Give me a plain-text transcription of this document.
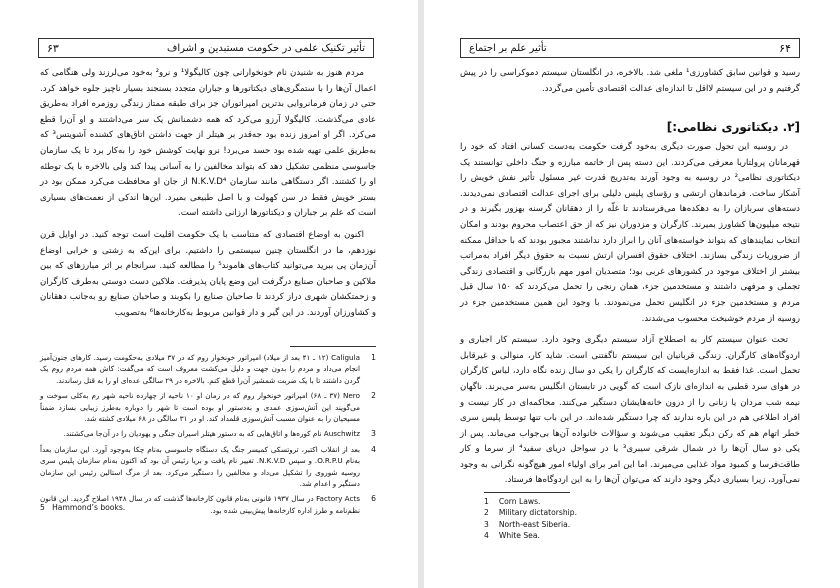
تأثیر تکنیک علمی در حکومت مستبدین و اشراف
۶۳

مردم هنوز به شنیدن نام خونخوارانی چون کالیگولا¹ و نرو² به‌خود می‌لرزند ولی هنگامی که اعمال آن‌ها را با ستمگری‌های دیکتاتورها و جباران متجدد بسنجند بسیار ناچیز جلوه خواهد کرد. حتی در زمان فرمانروایی بدترین امپراتوران جز برای طبقه ممتاز زندگی روزمره افراد به‌طریق عادی می‌گذشت. کالیگولا آرزو می‌کرد که همه دشمنانش یک سر می‌داشتند و او آن‌را قطع می‌کرد. اگر او امروز زنده بود جه‌قدر بر هیتلر از جهت داشتن اتاق‌های کشنده آشویتس³ که به‌طریق علمی تهیه شده بود حسد می‌برد! نرو نهایت کوشش خود را به‌کار برد تا یک سازمان جاسوسی منظمی تشکیل دهد که بتواند مخالفین را به آسانی پیدا کند ولی بالاخره با یک توطئه او را کشتند. اگر دستگاهی مانند سازمان N.K.V.D⁴ از جان او محافظت می‌کرد ممکن بود در بستر خویش فقط در سن کهولت و با اصل طبیعی بمیرد. این‌ها اندکی از نعمت‌های بسیاری است که علم بر جباران و دیکتاتورها ارزانی داشته است.

اکنون به اوضاع اقتصادی که متناسب با یک حکومت اقلیت است توجه کنید. در اوایل قرن نوزدهم، ما در انگلستان چنین سیستمی را داشتیم. برای این‌که به زشتی و خرابی اوضاع آن‌زمان پی ببرید می‌توانید کتاب‌های هاموند⁵ را مطالعه کنید. سرانجام بر اثر مبارزهای که بین ملاکین و صاحبان صنایع درگرفت این وضع پایان پذیرفت. ملاکین دست دوستی به‌طرف کارگران و زحمتکشان شهری دراز کردند تا صاحبان صنایع را بکوبند و صاحبان صنایع رو به‌جانب دهقانان و کشاورزان آوردند. در این گیر و دار قوانین مربوط به‌کارخانه‌ها⁶ به‌تصویب

1
Caligula (۱۲ ـ ۴۱ بعد از میلاد) امپراتور خونخوار روم که در ۳۷ میلادی به‌حکومت رسید. کارهای جنون‌آمیز انجام می‌داد و مردم را بدون جهت و دلیل می‌کشت معروف است که می‌گفت: کاش همه مردم روم یک گردن داشتند تا با یک ضربت شمشیر آن‌را قطع کنم. بالاخره در ۲۹ سالگی عده‌ای او را به قتل رساندند.
2
Nero (۳۷ ـ ۶۸) امپراتور خونخوار روم که در زمان او ۱۰ ناحیه از چهارده ناحیه شهر رم به‌کلی سوخت و می‌گویند این آتش‌سوزی عمدی و به‌دستور او بوده است تا شهر را دوباره به‌طرز زیبایی بسازد ضمناً مسیحیان را به عنوان مسبب آتش‌سوزی قلمداد کند. او در ۳۱ سالگی در ۶۸ میلادی کشته شد.
3
Auschwitz نام کوره‌ها و اتاق‌هایی که به دستور هیتلر اسیران جنگی و یهودیان را در آن‌جا می‌کشتند.
4
بعد از انقلاب اکتبر، تروتسکی کمیسر جنگ یک دستگاه جاسوسی به‌نام چکا به‌وجود آورد. این سازمان بعداً به‌نام O.R.P.U. و سپس N.K.V.D. تغییر نام یافت و بریا رئیس آن بود که اکنون به‌نام سازمان پلیس سری روسیه شوروی را تشکیل می‌داد و مخالفین را دستگیر می‌کرد. بعد از مرگ استالین رئیس این سازمان دستگیر و اعدام شد.
6
Factory Acts در سال ۱۹۳۷ قانونی به‌نام قانون کارخانه‌ها گذشت که در سال ۱۹۴۸ اصلاح گردید. این قانون نظم‌نامه و طرز اداره کارخانه‌ها پیش‌بینی شده بود.
5 Hammond’s books.
۶۴
تأثیر علم بر اجتماع

رسید و قوانین سابق کشاورزی¹ ملغی شد. بالاخره، در انگلستان سیستم دموکراسی را در پیش گرفتیم و در این سیستم لااقل تا اندازه‌ای عدالت اقتصادی تأمین می‌گردد.

[۲. دیکتاتوری نظامی:]

در روسیه این تحول صورت دیگری به‌خود گرفت حکومت به‌دست کسانی افتاد که خود را قهرمانان پرولتاریا معرفی می‌کردند. این دسته پس از خاتمه مبارزه و جنگ داخلی توانستند یک دیکتاتوری نظامی² در روسیه به وجود آورند به‌تدریج قدرت غیر مسئول تأثیر نفش خویش را آشکار ساخت. فرماندهان ارتشی و رؤسای پلیس دلیلی برای اجرای عدالت اقتصادی نمی‌دیدند. دسته‌های سربازان را به دهکده‌ها می‌فرستادند تا غلّه را از دهقانان گرسنه بهزور بگیرند و در نتیجه میلیون‌ها کشاورز بمیرند. کارگران و مزدوران نیز که از حق اعتصاب محروم بودند و امکان انتخاب نمایندهای که بتواند خواسته‌های آنان را ابراز دارد نداشتند مجبور بودند که با حداقل ممکنه از ضروریات زندگی بسازند. اختلاف حقوق افسران ارتش نسبت به حقوق دیگر افراد به‌مراتب بیشتر از اختلاف موجود در کشورهای غربی بود؛ متصدیان امور مهم بازرگانی و اقتصادی زندگی تجملی و مرفهی داشتند و مستخدمین جزء، همان رنجی را تحمل می‌کردند که ۱۵۰ سال قبل مردم و مستخدمین جزء در انگلیس تحمل می‌نمودند. با وجود این همین مستخدمین جزء در روسیه از مردم خوشبخت محسوب می‌شدند.

تحت عنوان سیستم کار به اصطلاح آزاد سیستم دیگری وجود دارد. سیستم کار اجباری و اردوگاه‌های کارگران. زندگی قربانیان این سیستم ناگفتنی است. شاید کار، منوالی و غیرقابل تحمل است. غذا فقط به اندازه‌ایست که کارگران را یکی دو سال زنده نگاه دارد، لباس کارگران در هوای سرد قطبی به اندازه‌ای نازک است که گویی در تابستان انگلیس به‌سر می‌برند. ناگهان نیمه شب مردان یا زنانی را از درون خانه‌هایشان دستگیر می‌کنند. محاکمه‌ای در کار نیست و افراد اطلاعی هم در این باره ندارند که چرا دستگیر شده‌اند. در این باب تنها توسط پلیس سری خطر اتهام هم که رکن دیگر تعقیب می‌شوند و سؤالات خانواده آن‌ها بی‌جواب می‌ماند. پس از یکی دو سال آن‌ها را در شمال شرقی سیبری³ یا در سواحل دریای سفید⁴ از سرما و کار طاقت‌فرسا و کمبود مواد غذایی می‌میرند. اما این امر برای اولیاء امور هیچ‌گونه نگرانی به وجود نمی‌آورد، زیرا بسیاری دیگر وجود دارند که می‌توان آن‌ها را به این اردوگاه‌ها فرستاد.

1 Corn Laws.
2 Military dictatorship.
3 North-east Siberia.
4 White Sea.
